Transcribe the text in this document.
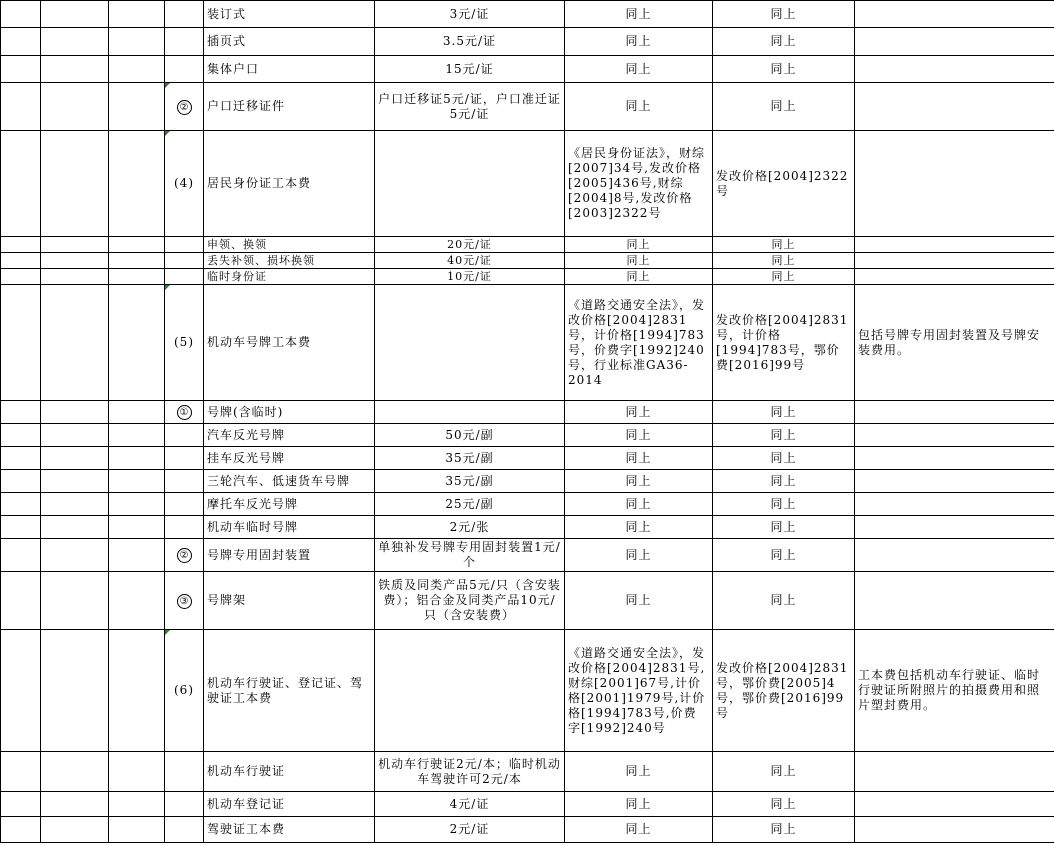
				装订式	3元/证	同上	同上	
				插页式	3.5元/证	同上	同上	
				集体户口	15元/证	同上	同上	
			②	户口迁移证件	户口迁移证5元/证，户口准迁证5元/证	同上	同上	
			(4)	居民身份证工本费		《居民身份证法》，财综[2007]34号,发改价格[2005]436号,财综[2004]8号,发改价格[2003]2322号	发改价格[2004]2322号	
				申领、换领	20元/证	同上	同上	
				丢失补领、损坏换领	40元/证	同上	同上	
				临时身份证	10元/证	同上	同上	
			(5)	机动车号牌工本费		《道路交通安全法》，发改价格[2004]2831号，计价格[1994]783号，价费字[1992]240号，行业标准GA36-2014	发改价格[2004]2831号，计价格[1994]783号，鄂价费[2016]99号	包括号牌专用固封装置及号牌安装费用。
			①	号牌(含临时)		同上	同上	
				汽车反光号牌	50元/副	同上	同上	
				挂车反光号牌	35元/副	同上	同上	
				三轮汽车、低速货车号牌	35元/副	同上	同上	
				摩托车反光号牌	25元/副	同上	同上	
				机动车临时号牌	2元/张	同上	同上	
			②	号牌专用固封装置	单独补发号牌专用固封装置1元/个	同上	同上	
			③	号牌架	铁质及同类产品5元/只（含安装费）；铝合金及同类产品10元/只（含安装费）	同上	同上	
			(6)	机动车行驶证、登记证、驾驶证工本费		《道路交通安全法》，发改价格[2004]2831号,财综[2001]67号,计价格[2001]1979号,计价格[1994]783号,价费字[1992]240号	发改价格[2004]2831号，鄂价费[2005]4号，鄂价费[2016]99号	工本费包括机动车行驶证、临时行驶证所附照片的拍摄费用和照片塑封费用。
				机动车行驶证	机动车行驶证2元/本；临时机动车驾驶许可2元/本	同上	同上	
				机动车登记证	4元/证	同上	同上	
				驾驶证工本费	2元/证	同上	同上	
